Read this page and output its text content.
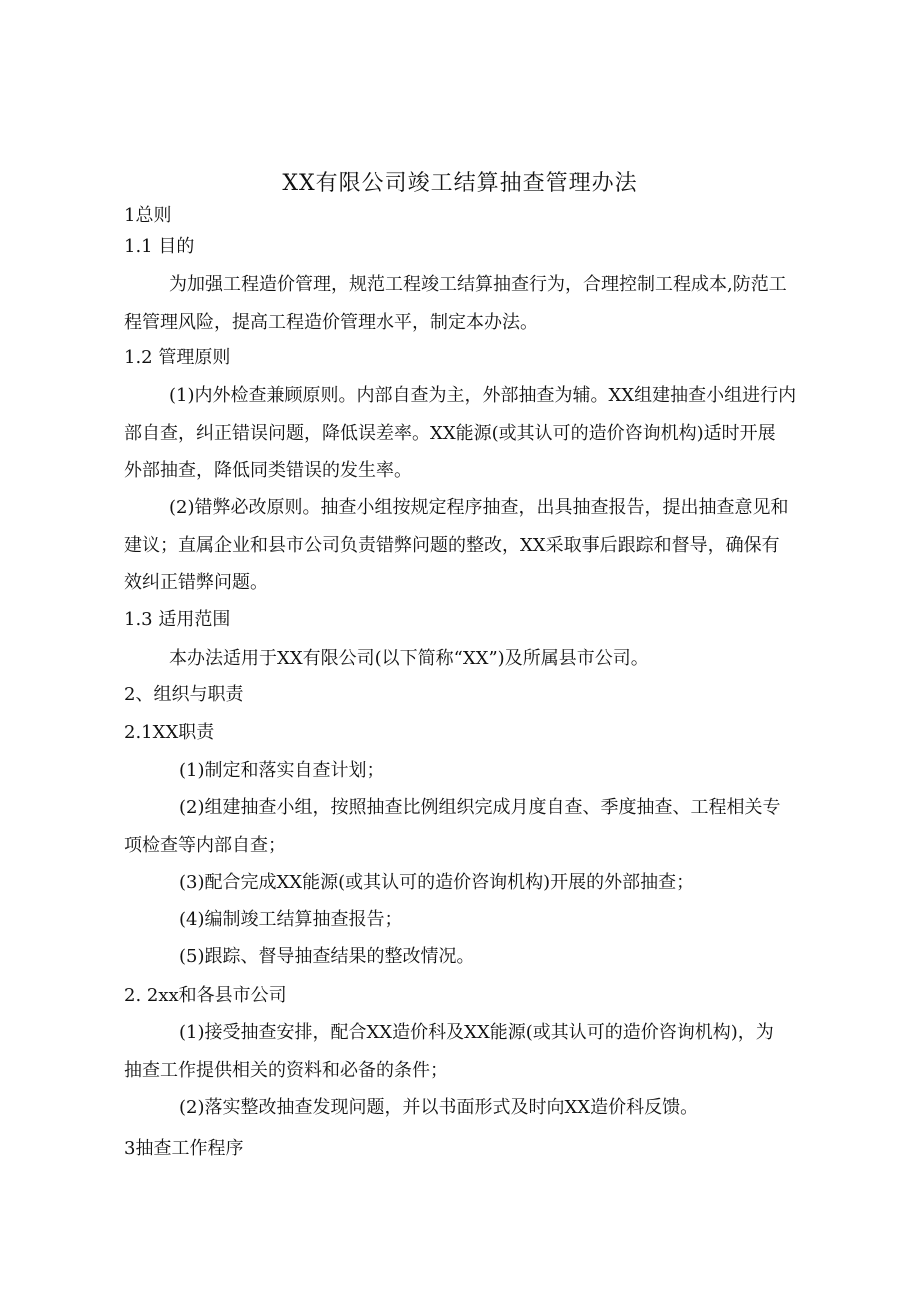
XX有限公司竣工结算抽查管理办法
1总则
1.1 目的
为加强工程造价管理，规范工程竣工结算抽查行为，合理控制工程成本,防范工
程管理风险，提高工程造价管理水平，制定本办法。
1.2 管理原则
(1)内外检查兼顾原则。内部自查为主，外部抽查为辅。XX组建抽查小组进行内
部自查，纠正错误问题，降低误差率。XX能源(或其认可的造价咨询机构)适时开展
外部抽查，降低同类错误的发生率。
(2)错弊必改原则。抽查小组按规定程序抽查，出具抽查报告，提出抽查意见和
建议；直属企业和县市公司负责错弊问题的整改，XX采取事后跟踪和督导，确保有
效纠正错弊问题。
1.3 适用范围
本办法适用于XX有限公司(以下简称“XX”)及所属县市公司。
2、组织与职责
2.1XX职责
(1)制定和落实自查计划；
(2)组建抽查小组，按照抽查比例组织完成月度自查、季度抽查、工程相关专
项检查等内部自查；
(3)配合完成XX能源(或其认可的造价咨询机构)开展的外部抽查；
(4)编制竣工结算抽查报告；
(5)跟踪、督导抽查结果的整改情况。
2. 2xx和各县市公司
(1)接受抽查安排，配合XX造价科及XX能源(或其认可的造价咨询机构)，为
抽查工作提供相关的资料和必备的条件；
(2)落实整改抽查发现问题，并以书面形式及时向XX造价科反馈。
3抽查工作程序
